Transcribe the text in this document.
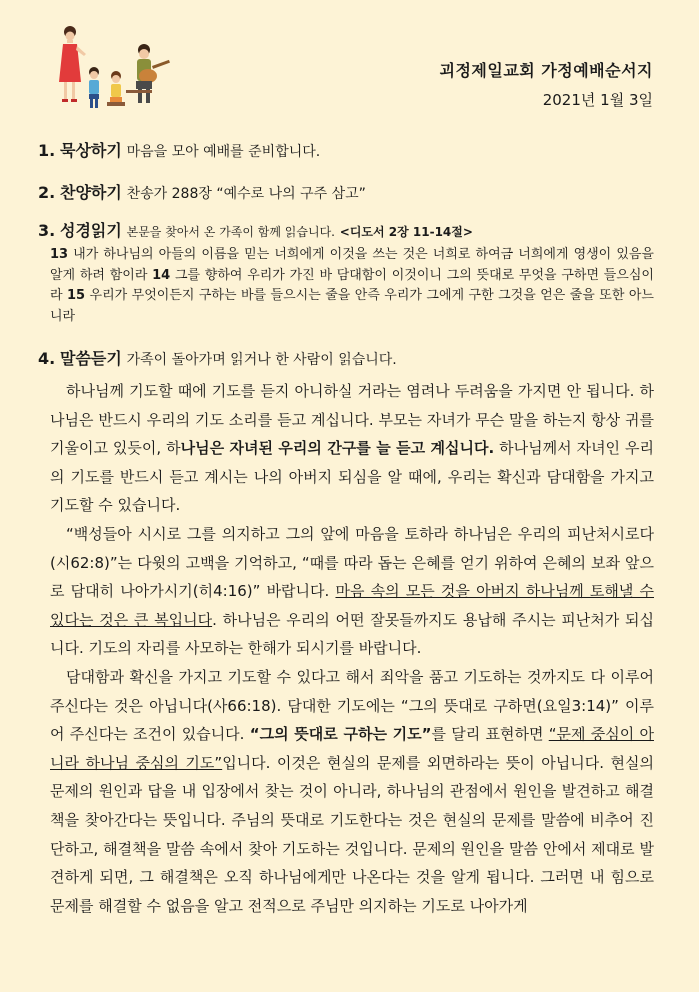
괴정제일교회 가정예배순서지
2021년 1월 3일
1. 묵상하기 마음을 모아 예배를 준비합니다.
2. 찬양하기 찬송가 288장 “예수로 나의 구주 삼고”
3. 성경읽기 본문을 찾아서 온 가족이 함께 읽습니다. <디도서 2장 11-14절>
13 내가 하나님의 아들의 이름을 믿는 너희에게 이것을 쓰는 것은 너희로 하여금 너희에게 영생이 있음을 알게 하려 함이라 14 그를 향하여 우리가 가진 바 담대함이 이것이니 그의 뜻대로 무엇을 구하면 들으심이라 15 우리가 무엇이든지 구하는 바를 들으시는 줄을 안즉 우리가 그에게 구한 그것을 얻은 줄을 또한 아느니라
4. 말씀듣기 가족이 돌아가며 읽거나 한 사람이 읽습니다.

하나님께 기도할 때에 기도를 듣지 아니하실 거라는 염려나 두려움을 가지면 안 됩니다. 하나님은 반드시 우리의 기도 소리를 듣고 계십니다. 부모는 자녀가 무슨 말을 하는지 항상 귀를 기울이고 있듯이, 하나님은 자녀된 우리의 간구를 늘 듣고 계십니다. 하나님께서 자녀인 우리의 기도를 반드시 듣고 계시는 나의 아버지 되심을 알 때에, 우리는 확신과 담대함을 가지고 기도할 수 있습니다.

“백성들아 시시로 그를 의지하고 그의 앞에 마음을 토하라 하나님은 우리의 피난처시로다(시62:8)”는 다윗의 고백을 기억하고, “때를 따라 돕는 은혜를 얻기 위하여 은혜의 보좌 앞으로 담대히 나아가시기(히4:16)” 바랍니다. 마음 속의 모든 것을 아버지 하나님께 토해낼 수 있다는 것은 큰 복입니다. 하나님은 우리의 어떤 잘못들까지도 용납해 주시는 피난처가 되십니다. 기도의 자리를 사모하는 한해가 되시기를 바랍니다.

담대함과 확신을 가지고 기도할 수 있다고 해서 죄악을 품고 기도하는 것까지도 다 이루어주신다는 것은 아닙니다(사66:18). 담대한 기도에는 “그의 뜻대로 구하면(요일3:14)” 이루어 주신다는 조건이 있습니다. “그의 뜻대로 구하는 기도”를 달리 표현하면 “문제 중심이 아니라 하나님 중심의 기도”입니다. 이것은 현실의 문제를 외면하라는 뜻이 아닙니다. 현실의 문제의 원인과 답을 내 입장에서 찾는 것이 아니라, 하나님의 관점에서 원인을 발견하고 해결책을 찾아간다는 뜻입니다. 주님의 뜻대로 기도한다는 것은 현실의 문제를 말씀에 비추어 진단하고, 해결책을 말씀 속에서 찾아 기도하는 것입니다. 문제의 원인을 말씀 안에서 제대로 발견하게 되면, 그 해결책은 오직 하나님에게만 나온다는 것을 알게 됩니다. 그러면 내 힘으로 문제를 해결할 수 없음을 알고 전적으로 주님만 의지하는 기도로 나아가게
